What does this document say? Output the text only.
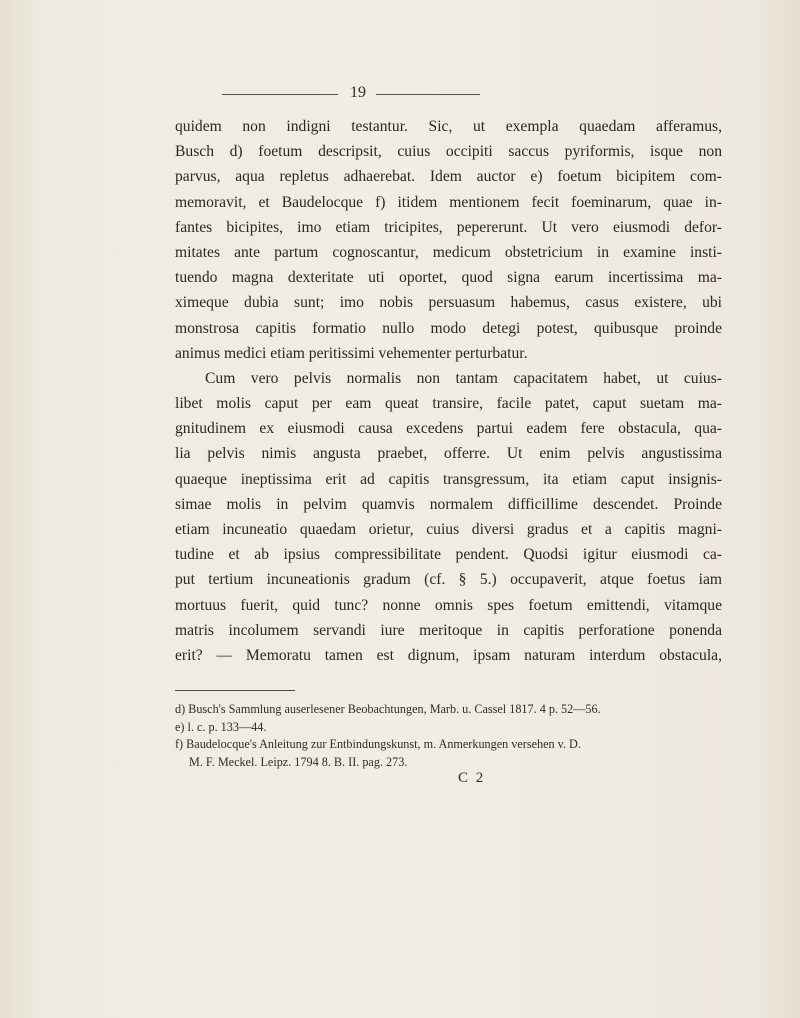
19
quidem non indigni testantur. Sic, ut exempla quaedam afferamus,
Busch d) foetum descripsit, cuius occipiti saccus pyriformis, isque non
parvus, aqua repletus adhaerebat. Idem auctor e) foetum bicipitem com-
memoravit, et Baudelocque f) itidem mentionem fecit foeminarum, quae in-
fantes bicipites, imo etiam tricipites, pepererunt. Ut vero eiusmodi defor-
mitates ante partum cognoscantur, medicum obstetricium in examine insti-
tuendo magna dexteritate uti oportet, quod signa earum incertissima ma-
ximeque dubia sunt; imo nobis persuasum habemus, casus existere, ubi
monstrosa capitis formatio nullo modo detegi potest, quibusque proinde
animus medici etiam peritissimi vehementer perturbatur.
Cum vero pelvis normalis non tantam capacitatem habet, ut cuius-
libet molis caput per eam queat transire, facile patet, caput suetam ma-
gnitudinem ex eiusmodi causa excedens partui eadem fere obstacula, qua-
lia pelvis nimis angusta praebet, offerre. Ut enim pelvis angustissima
quaeque ineptissima erit ad capitis transgressum, ita etiam caput insignis-
simae molis in pelvim quamvis normalem difficillime descendet. Proinde
etiam incuneatio quaedam orietur, cuius diversi gradus et a capitis magni-
tudine et ab ipsius compressibilitate pendent. Quodsi igitur eiusmodi ca-
put tertium incuneationis gradum (cf. § 5.) occupaverit, atque foetus iam
mortuus fuerit, quid tunc? nonne omnis spes foetum emittendi, vitamque
matris incolumem servandi iure meritoque in capitis perforatione ponenda
erit? — Memoratu tamen est dignum, ipsam naturam interdum obstacula,
d) Busch's Sammlung auserlesener Beobachtungen, Marb. u. Cassel 1817. 4 p. 52—56.
e) l. c. p. 133—44.
f) Baudelocque's Anleitung zur Entbindungskunst, m. Anmerkungen versehen v. D.
M. F. Meckel. Leipz. 1794 8. B. II. pag. 273.
C 2
